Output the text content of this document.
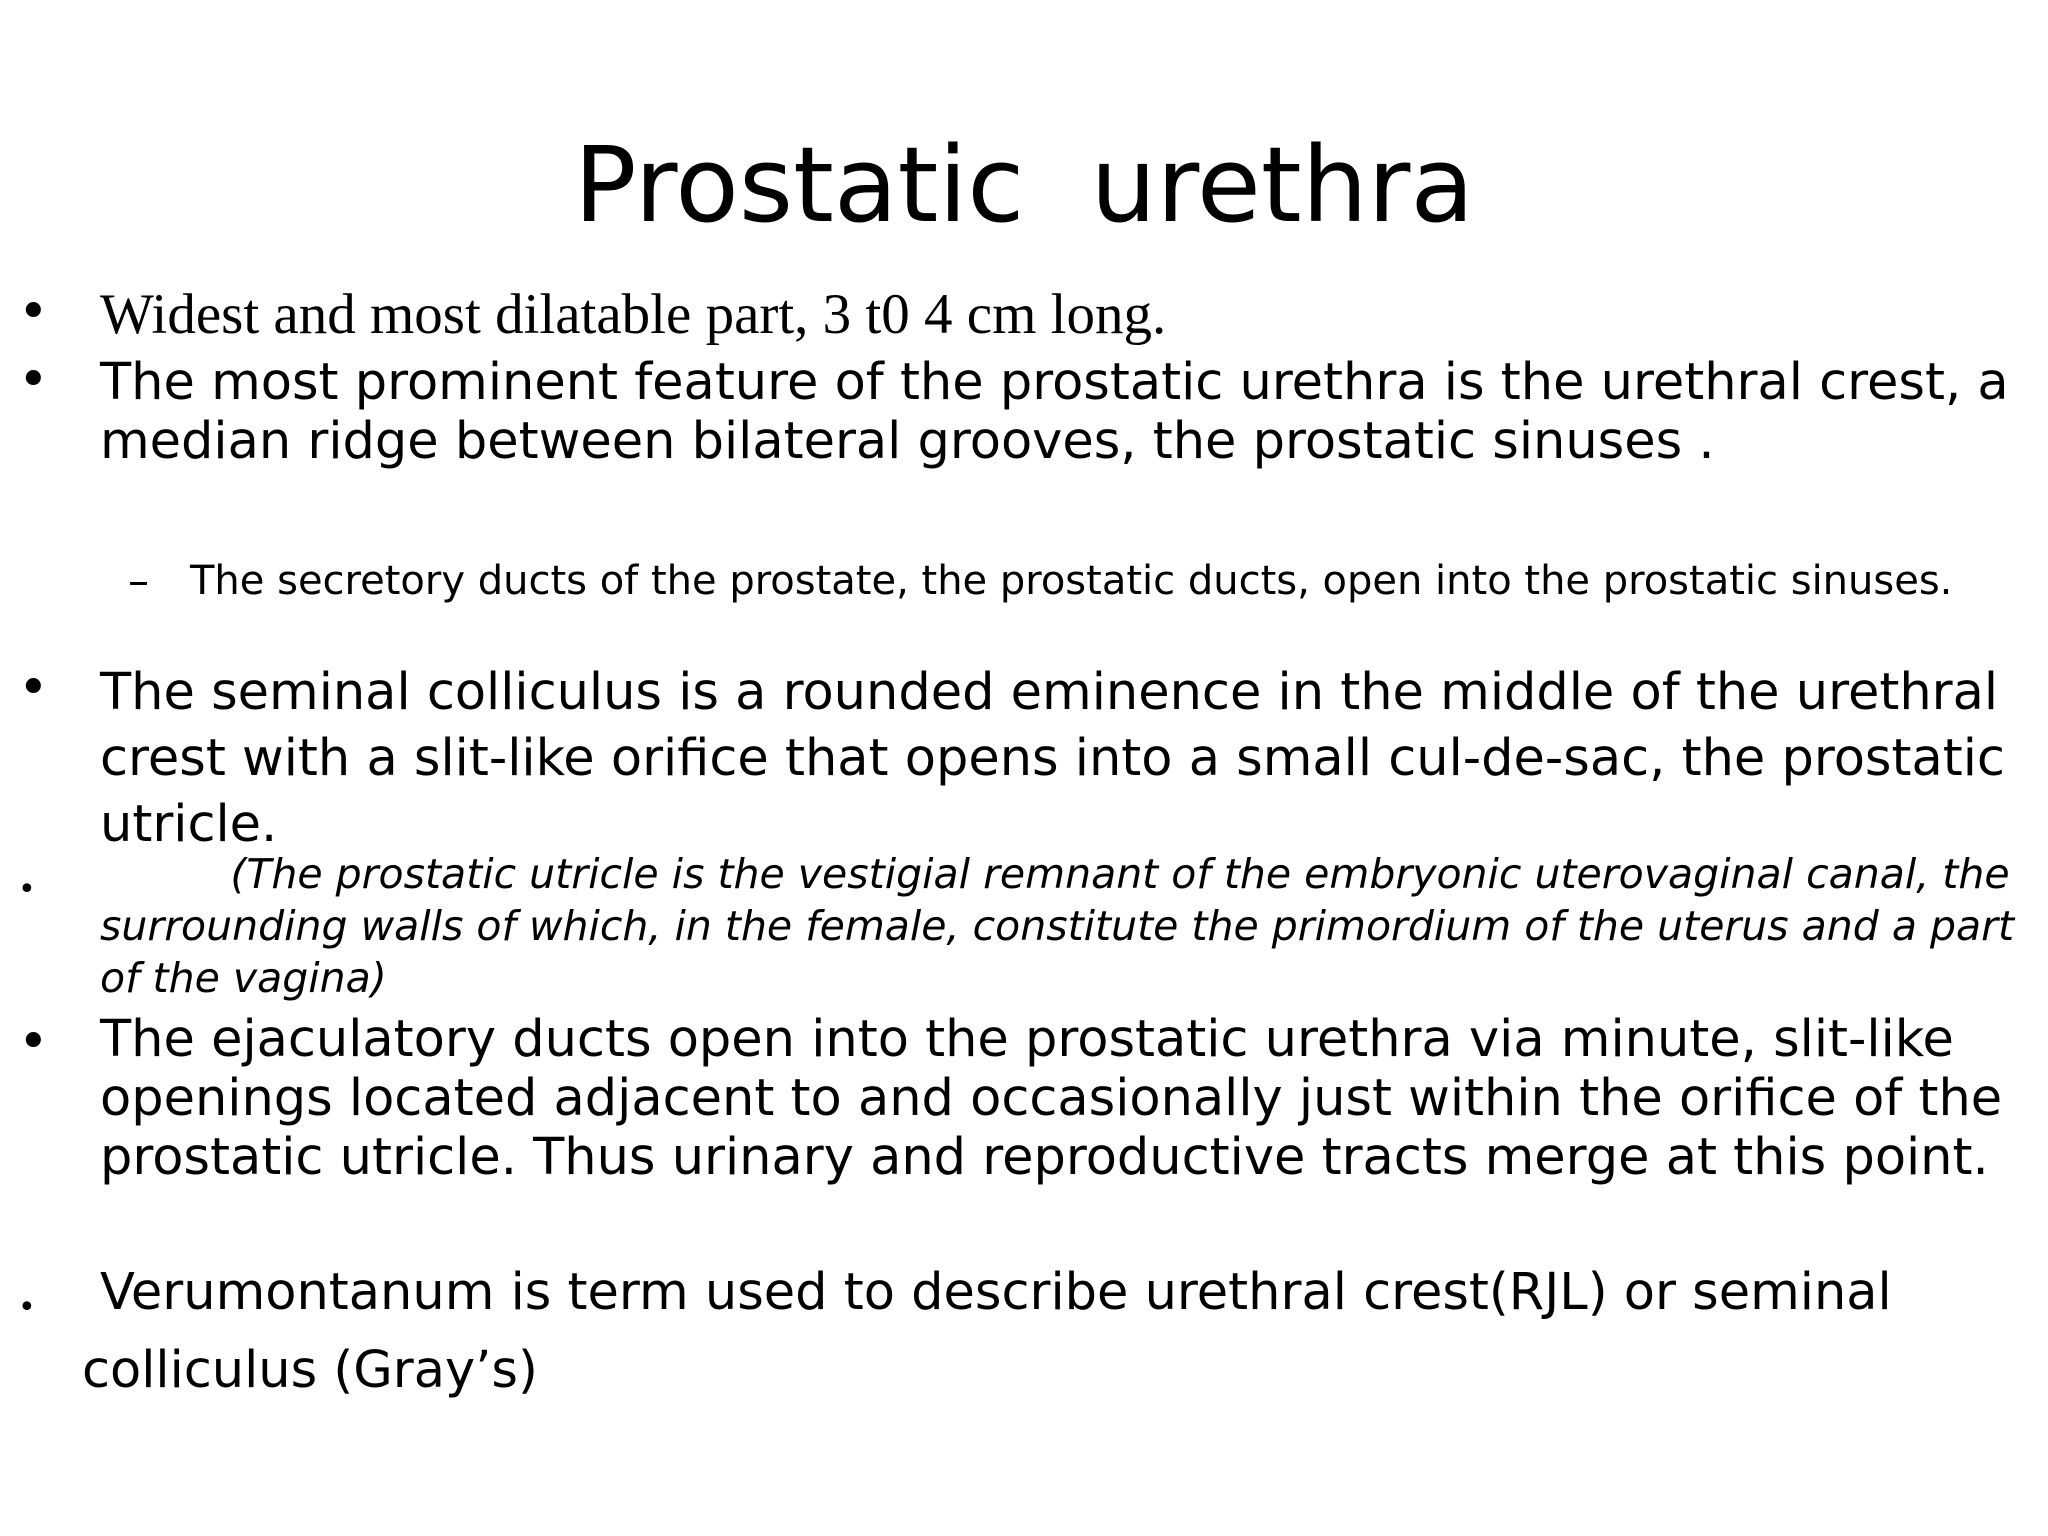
Prostatic  urethra
• Widest and most dilatable part, 3 t0 4 cm long.
• The most prominent feature of the prostatic urethra is the urethral crest, a median ridge between bilateral grooves, the prostatic sinuses .
– The secretory ducts of the prostate, the prostatic ducts, open into the prostatic sinuses.
• The seminal colliculus is a rounded eminence in the middle of the urethral crest with a slit-like orifice that opens into a small cul-de-sac, the prostatic utricle.
• (The prostatic utricle is the vestigial remnant of the embryonic uterovaginal canal, the surrounding walls of which, in the female, constitute the primordium of the uterus and a part of the vagina)
• The ejaculatory ducts open into the prostatic urethra via minute, slit-like openings located adjacent to and occasionally just within the orifice of the prostatic utricle. Thus urinary and reproductive tracts merge at this point.
•	Verumontanum is term used to describe urethral crest(RJL) or seminal colliculus (Gray’s)
